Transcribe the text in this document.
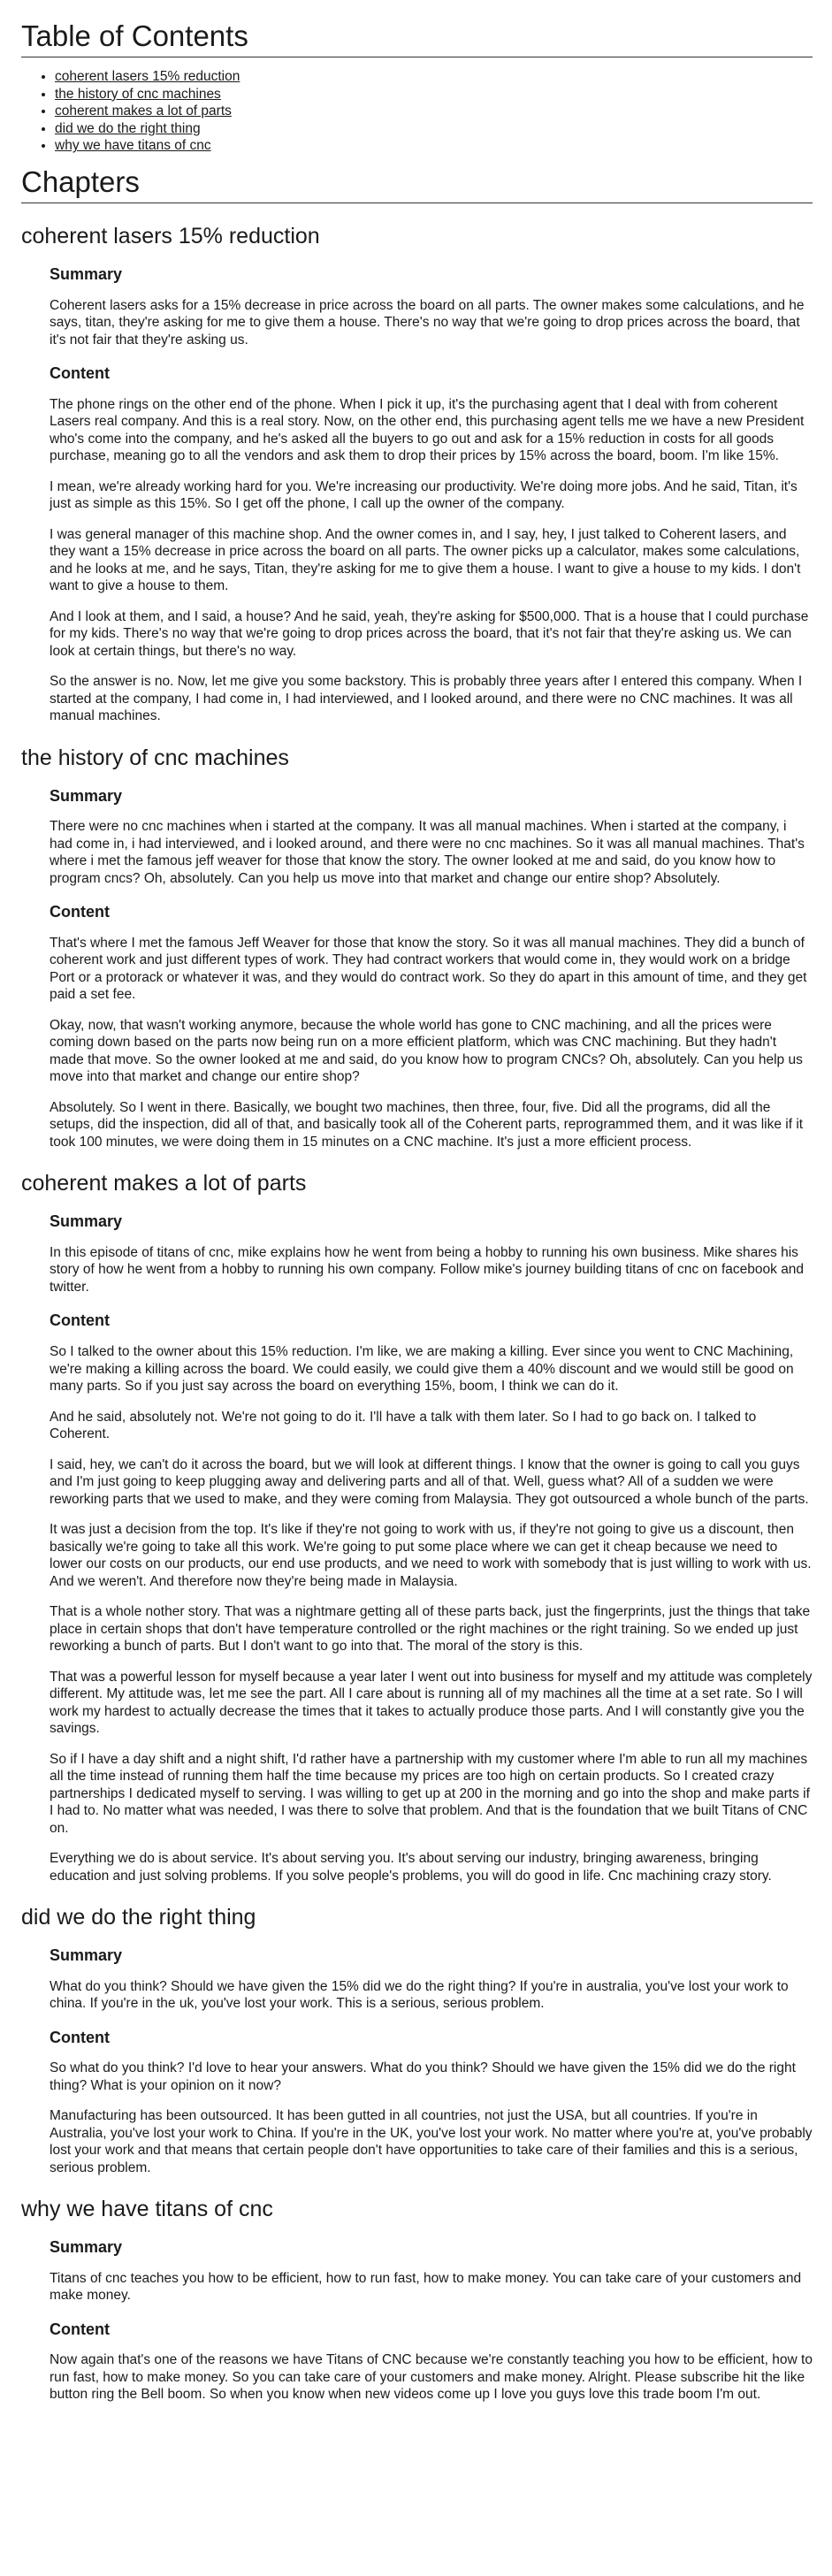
Table of Contents
• coherent lasers 15% reduction
• the history of cnc machines
• coherent makes a lot of parts
• did we do the right thing
• why we have titans of cnc
Chapters
coherent lasers 15% reduction
Summary

Coherent lasers asks for a 15% decrease in price across the board on all parts. The owner makes some calculations, and he says, titan, they're asking for me to give them a house. There's no way that we're going to drop prices across the board, that it's not fair that they're asking us.

Content

The phone rings on the other end of the phone. When I pick it up, it's the purchasing agent that I deal with from coherent Lasers real company. And this is a real story. Now, on the other end, this purchasing agent tells me we have a new President who's come into the company, and he's asked all the buyers to go out and ask for a 15% reduction in costs for all goods purchase, meaning go to all the vendors and ask them to drop their prices by 15% across the board, boom. I'm like 15%.

I mean, we're already working hard for you. We're increasing our productivity. We're doing more jobs. And he said, Titan, it's just as simple as this 15%. So I get off the phone, I call up the owner of the company.

I was general manager of this machine shop. And the owner comes in, and I say, hey, I just talked to Coherent lasers, and they want a 15% decrease in price across the board on all parts. The owner picks up a calculator, makes some calculations, and he looks at me, and he says, Titan, they're asking for me to give them a house. I want to give a house to my kids. I don't want to give a house to them.

And I look at them, and I said, a house? And he said, yeah, they're asking for $500,000. That is a house that I could purchase for my kids. There's no way that we're going to drop prices across the board, that it's not fair that they're asking us. We can look at certain things, but there's no way.

So the answer is no. Now, let me give you some backstory. This is probably three years after I entered this company. When I started at the company, I had come in, I had interviewed, and I looked around, and there were no CNC machines. It was all manual machines.

the history of cnc machines
Summary

There were no cnc machines when i started at the company. It was all manual machines. When i started at the company, i had come in, i had interviewed, and i looked around, and there were no cnc machines. So it was all manual machines. That's where i met the famous jeff weaver for those that know the story. The owner looked at me and said, do you know how to program cncs? Oh, absolutely. Can you help us move into that market and change our entire shop? Absolutely.

Content

That's where I met the famous Jeff Weaver for those that know the story. So it was all manual machines. They did a bunch of coherent work and just different types of work. They had contract workers that would come in, they would work on a bridge Port or a protorack or whatever it was, and they would do contract work. So they do apart in this amount of time, and they get paid a set fee.

Okay, now, that wasn't working anymore, because the whole world has gone to CNC machining, and all the prices were coming down based on the parts now being run on a more efficient platform, which was CNC machining. But they hadn't made that move. So the owner looked at me and said, do you know how to program CNCs? Oh, absolutely. Can you help us move into that market and change our entire shop?

Absolutely. So I went in there. Basically, we bought two machines, then three, four, five. Did all the programs, did all the setups, did the inspection, did all of that, and basically took all of the Coherent parts, reprogrammed them, and it was like if it took 100 minutes, we were doing them in 15 minutes on a CNC machine. It's just a more efficient process.

coherent makes a lot of parts
Summary

In this episode of titans of cnc, mike explains how he went from being a hobby to running his own business. Mike shares his story of how he went from a hobby to running his own company. Follow mike's journey building titans of cnc on facebook and twitter.

Content

So I talked to the owner about this 15% reduction. I'm like, we are making a killing. Ever since you went to CNC Machining, we're making a killing across the board. We could easily, we could give them a 40% discount and we would still be good on many parts. So if you just say across the board on everything 15%, boom, I think we can do it.

And he said, absolutely not. We're not going to do it. I'll have a talk with them later. So I had to go back on. I talked to Coherent.

I said, hey, we can't do it across the board, but we will look at different things. I know that the owner is going to call you guys and I'm just going to keep plugging away and delivering parts and all of that. Well, guess what? All of a sudden we were reworking parts that we used to make, and they were coming from Malaysia. They got outsourced a whole bunch of the parts.

It was just a decision from the top. It's like if they're not going to work with us, if they're not going to give us a discount, then basically we're going to take all this work. We're going to put some place where we can get it cheap because we need to lower our costs on our products, our end use products, and we need to work with somebody that is just willing to work with us. And we weren't. And therefore now they're being made in Malaysia.

That is a whole nother story. That was a nightmare getting all of these parts back, just the fingerprints, just the things that take place in certain shops that don't have temperature controlled or the right machines or the right training. So we ended up just reworking a bunch of parts. But I don't want to go into that. The moral of the story is this.

That was a powerful lesson for myself because a year later I went out into business for myself and my attitude was completely different. My attitude was, let me see the part. All I care about is running all of my machines all the time at a set rate. So I will work my hardest to actually decrease the times that it takes to actually produce those parts. And I will constantly give you the savings.

So if I have a day shift and a night shift, I'd rather have a partnership with my customer where I'm able to run all my machines all the time instead of running them half the time because my prices are too high on certain products. So I created crazy partnerships I dedicated myself to serving. I was willing to get up at 200 in the morning and go into the shop and make parts if I had to. No matter what was needed, I was there to solve that problem. And that is the foundation that we built Titans of CNC on.

Everything we do is about service. It's about serving you. It's about serving our industry, bringing awareness, bringing education and just solving problems. If you solve people's problems, you will do good in life. Cnc machining crazy story.

did we do the right thing
Summary

What do you think? Should we have given the 15% did we do the right thing? If you're in australia, you've lost your work to china. If you're in the uk, you've lost your work. This is a serious, serious problem.

Content

So what do you think? I'd love to hear your answers. What do you think? Should we have given the 15% did we do the right thing? What is your opinion on it now?

Manufacturing has been outsourced. It has been gutted in all countries, not just the USA, but all countries. If you're in Australia, you've lost your work to China. If you're in the UK, you've lost your work. No matter where you're at, you've probably lost your work and that means that certain people don't have opportunities to take care of their families and this is a serious, serious problem.

why we have titans of cnc
Summary

Titans of cnc teaches you how to be efficient, how to run fast, how to make money. You can take care of your customers and make money.

Content

Now again that's one of the reasons we have Titans of CNC because we're constantly teaching you how to be efficient, how to run fast, how to make money. So you can take care of your customers and make money. Alright. Please subscribe hit the like button ring the Bell boom. So when you know when new videos come up I love you guys love this trade boom I'm out.
